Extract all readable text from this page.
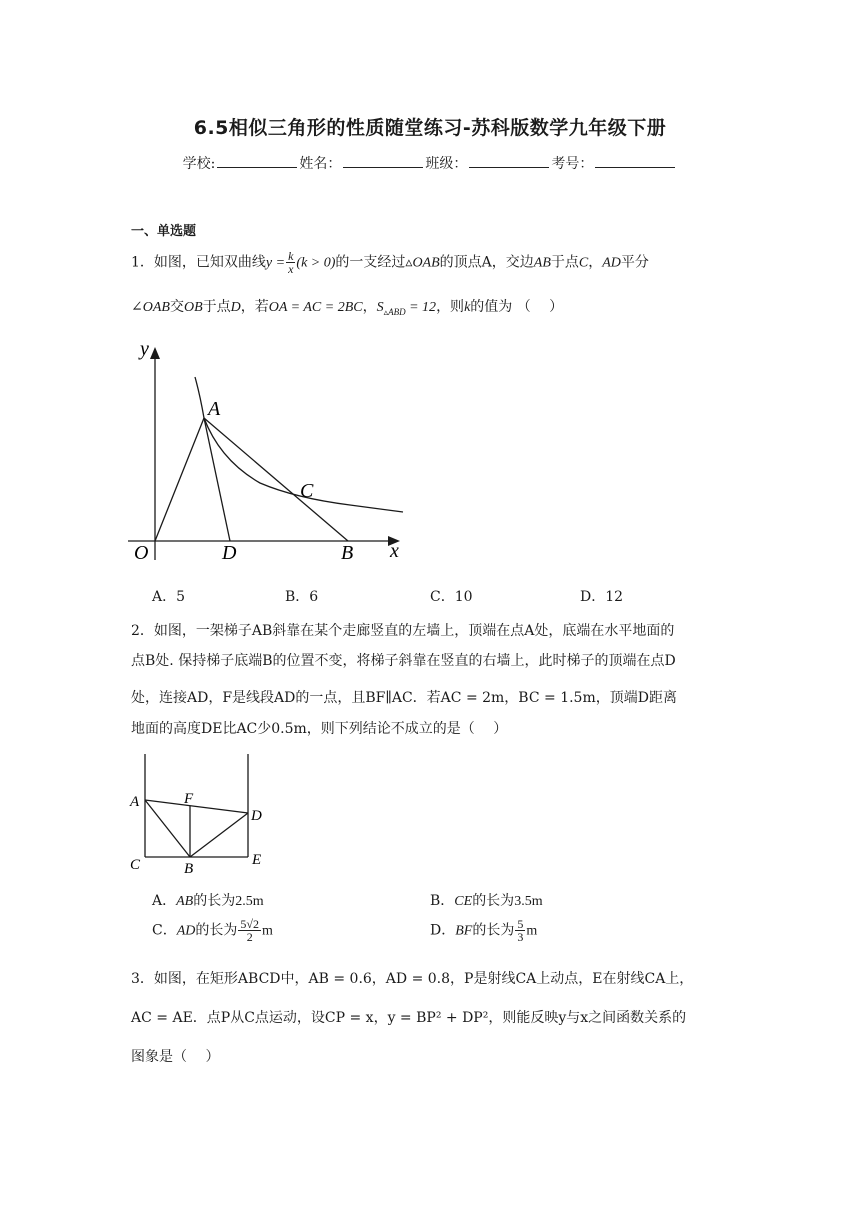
6.5相似三角形的性质随堂练习-苏科版数学九年级下册
学校:	姓名：	班级：	考号：
一、单选题
1．如图，已知双曲线$y = \frac{k}{x} (k > 0)$的一支经过▵OAB的顶点A，交边AB于点C，AD平分
∠OAB交OB于点D，若OA = AC = 2BC，$S_{▵ABD} = 12$，则k的值为 （　 ）
y
x
O
A
C
D	B
A．5	B．6	C．10	D．12
2．如图，一架梯子AB斜靠在某个走廊竖直的左墙上，顶端在点A处，底端在水平地面的
点B处. 保持梯子底端B的位置不变，将梯子斜靠在竖直的右墙上，此时梯子的顶端在点D
处，连接AD，F是线段AD的一点，且BF∥AC．若AC = 2m，BC = 1.5m，顶端D距离
地面的高度DE比AC少0.5m，则下列结论不成立的是（　 ）
A	F
D
C	B
E
A．AB的长为2.5m	B．CE的长为3.5m
C．AD的长为 $\frac{5√2}{2}$ m	D．BF的长为 $\frac{5}{3}$ m
3．如图，在矩形ABCD中，AB = 0.6，AD = 0.8，P是射线CA上动点，E在射线CA上，
AC = AE．点P从C点运动，设CP = x，y = BP² + DP²，则能反映y与x之间函数关系的
图象是（　 ）
